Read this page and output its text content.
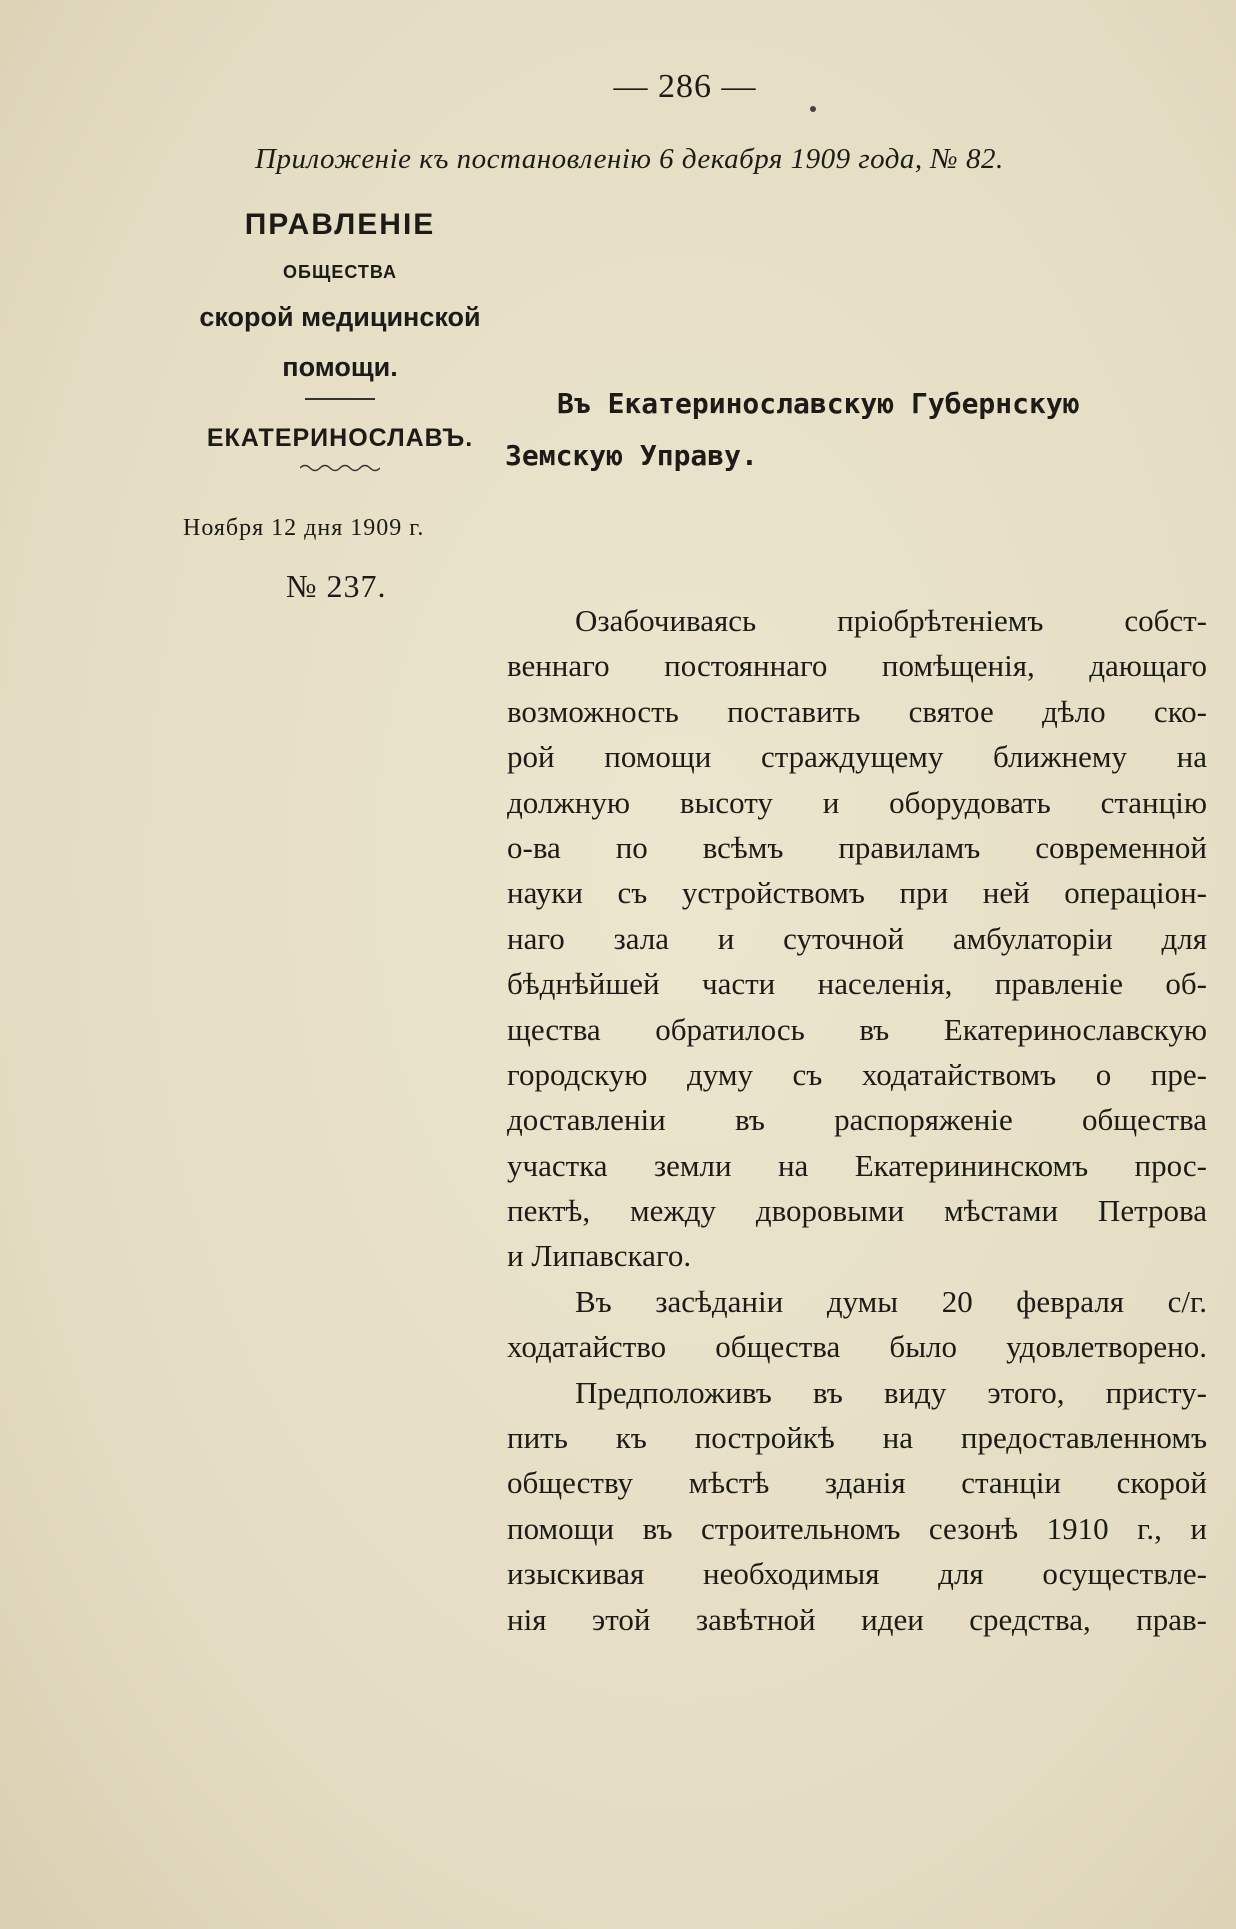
— 286 —
Приложеніе къ постановленію 6 декабря 1909 года, № 82.
ПРАВЛЕНІЕ
ОБЩЕСТВА
скорой медицинской
помощи.
ЕКАТЕРИНОСЛАВЪ.
Ноября 12 дня 1909 г.
№ 237.
Въ Екатеринославскую Губернскую
Земскую Управу.
Озабочиваясь пріобрѣтеніемъ собст-
веннаго постояннаго помѣщенія, дающаго
возможность поставить святое дѣло ско-
рой помощи страждущему ближнему на
должную высоту и оборудовать станцію
о-ва по всѣмъ правиламъ современной
науки съ устройствомъ при ней операціон-
наго зала и суточной амбулаторіи для
бѣднѣйшей части населенія, правленіе об-
щества обратилось въ Екатеринославскую
городскую думу съ ходатайствомъ о пре-
доставленіи въ распоряженіе общества
участка земли на Екатерининскомъ прос-
пектѣ, между дворовыми мѣстами Петрова
и Липавскаго.
Въ засѣданіи думы 20 февраля с/г.
ходатайство общества было удовлетворено.
Предположивъ въ виду этого, присту-
пить къ постройкѣ на предоставленномъ
обществу мѣстѣ зданія станціи скорой
помощи въ строительномъ сезонѣ 1910 г., и
изыскивая необходимыя для осуществле-
нія этой завѣтной идеи средства, прав-
